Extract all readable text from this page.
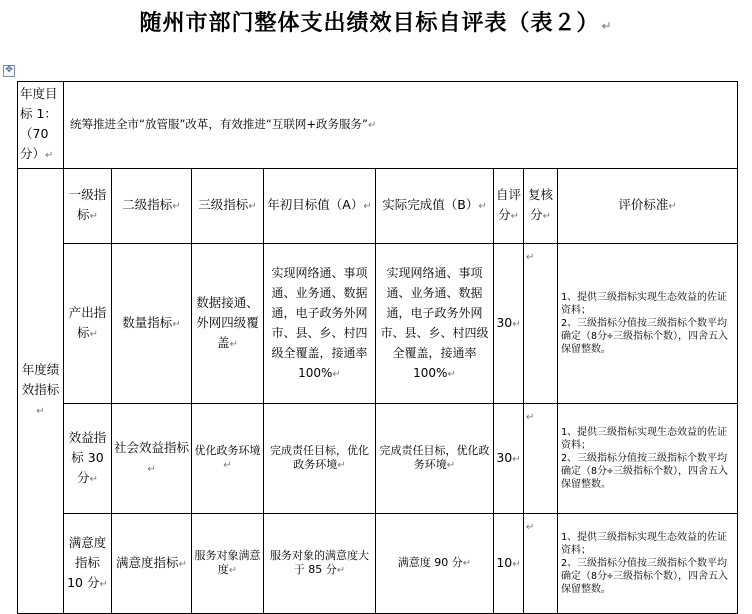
随州市部门整体支出绩效目标自评表（表２） ↵
✥
年度目标 1：（70 分）↵	统筹推进全市“放管服”改革，有效推进“互联网+政务服务”↵							
年度绩效指标↵	一级指标↵	二级指标↵	三级指标↵	年初目标值（A）↵	实际完成值（B）↵	自评分↵	复核分↵	评价标准↵
	产出指标↵	数量指标↵	数据接通、外网四级覆盖↵	实现网络通、事项通、业务通、数据通，电子政务外网市、县、乡、村四级全覆盖，接通率 100%↵	实现网络通、事项通、业务通、数据通，电子政务外网市、县、乡、村四级全覆盖，接通率 100%↵	30↵	↵	1、提供三级指标实现生态效益的佐证资料；
2、三级指标分值按三级指标个数平均确定（8分÷三级指标个数），四舍五入保留整数。

	效益指标 30 分↵	社会效益指标↵	优化政务环境↵	完成责任目标，优化政务环境↵	完成责任目标，优化政务环境↵	30↵	↵	1、提供三级指标实现生态效益的佐证资料；
2、三级指标分值按三级指标个数平均确定（8分÷三级指标个数），四舍五入保留整数。

	满意度指标 10 分↵	满意度指标↵	服务对象满意度↵	服务对象的满意度大于 85 分↵	满意度 90 分↵	10↵	↵	1、提供三级指标实现生态效益的佐证资料；
2、三级指标分值按三级指标个数平均确定（8分÷三级指标个数），四舍五入保留整数。
